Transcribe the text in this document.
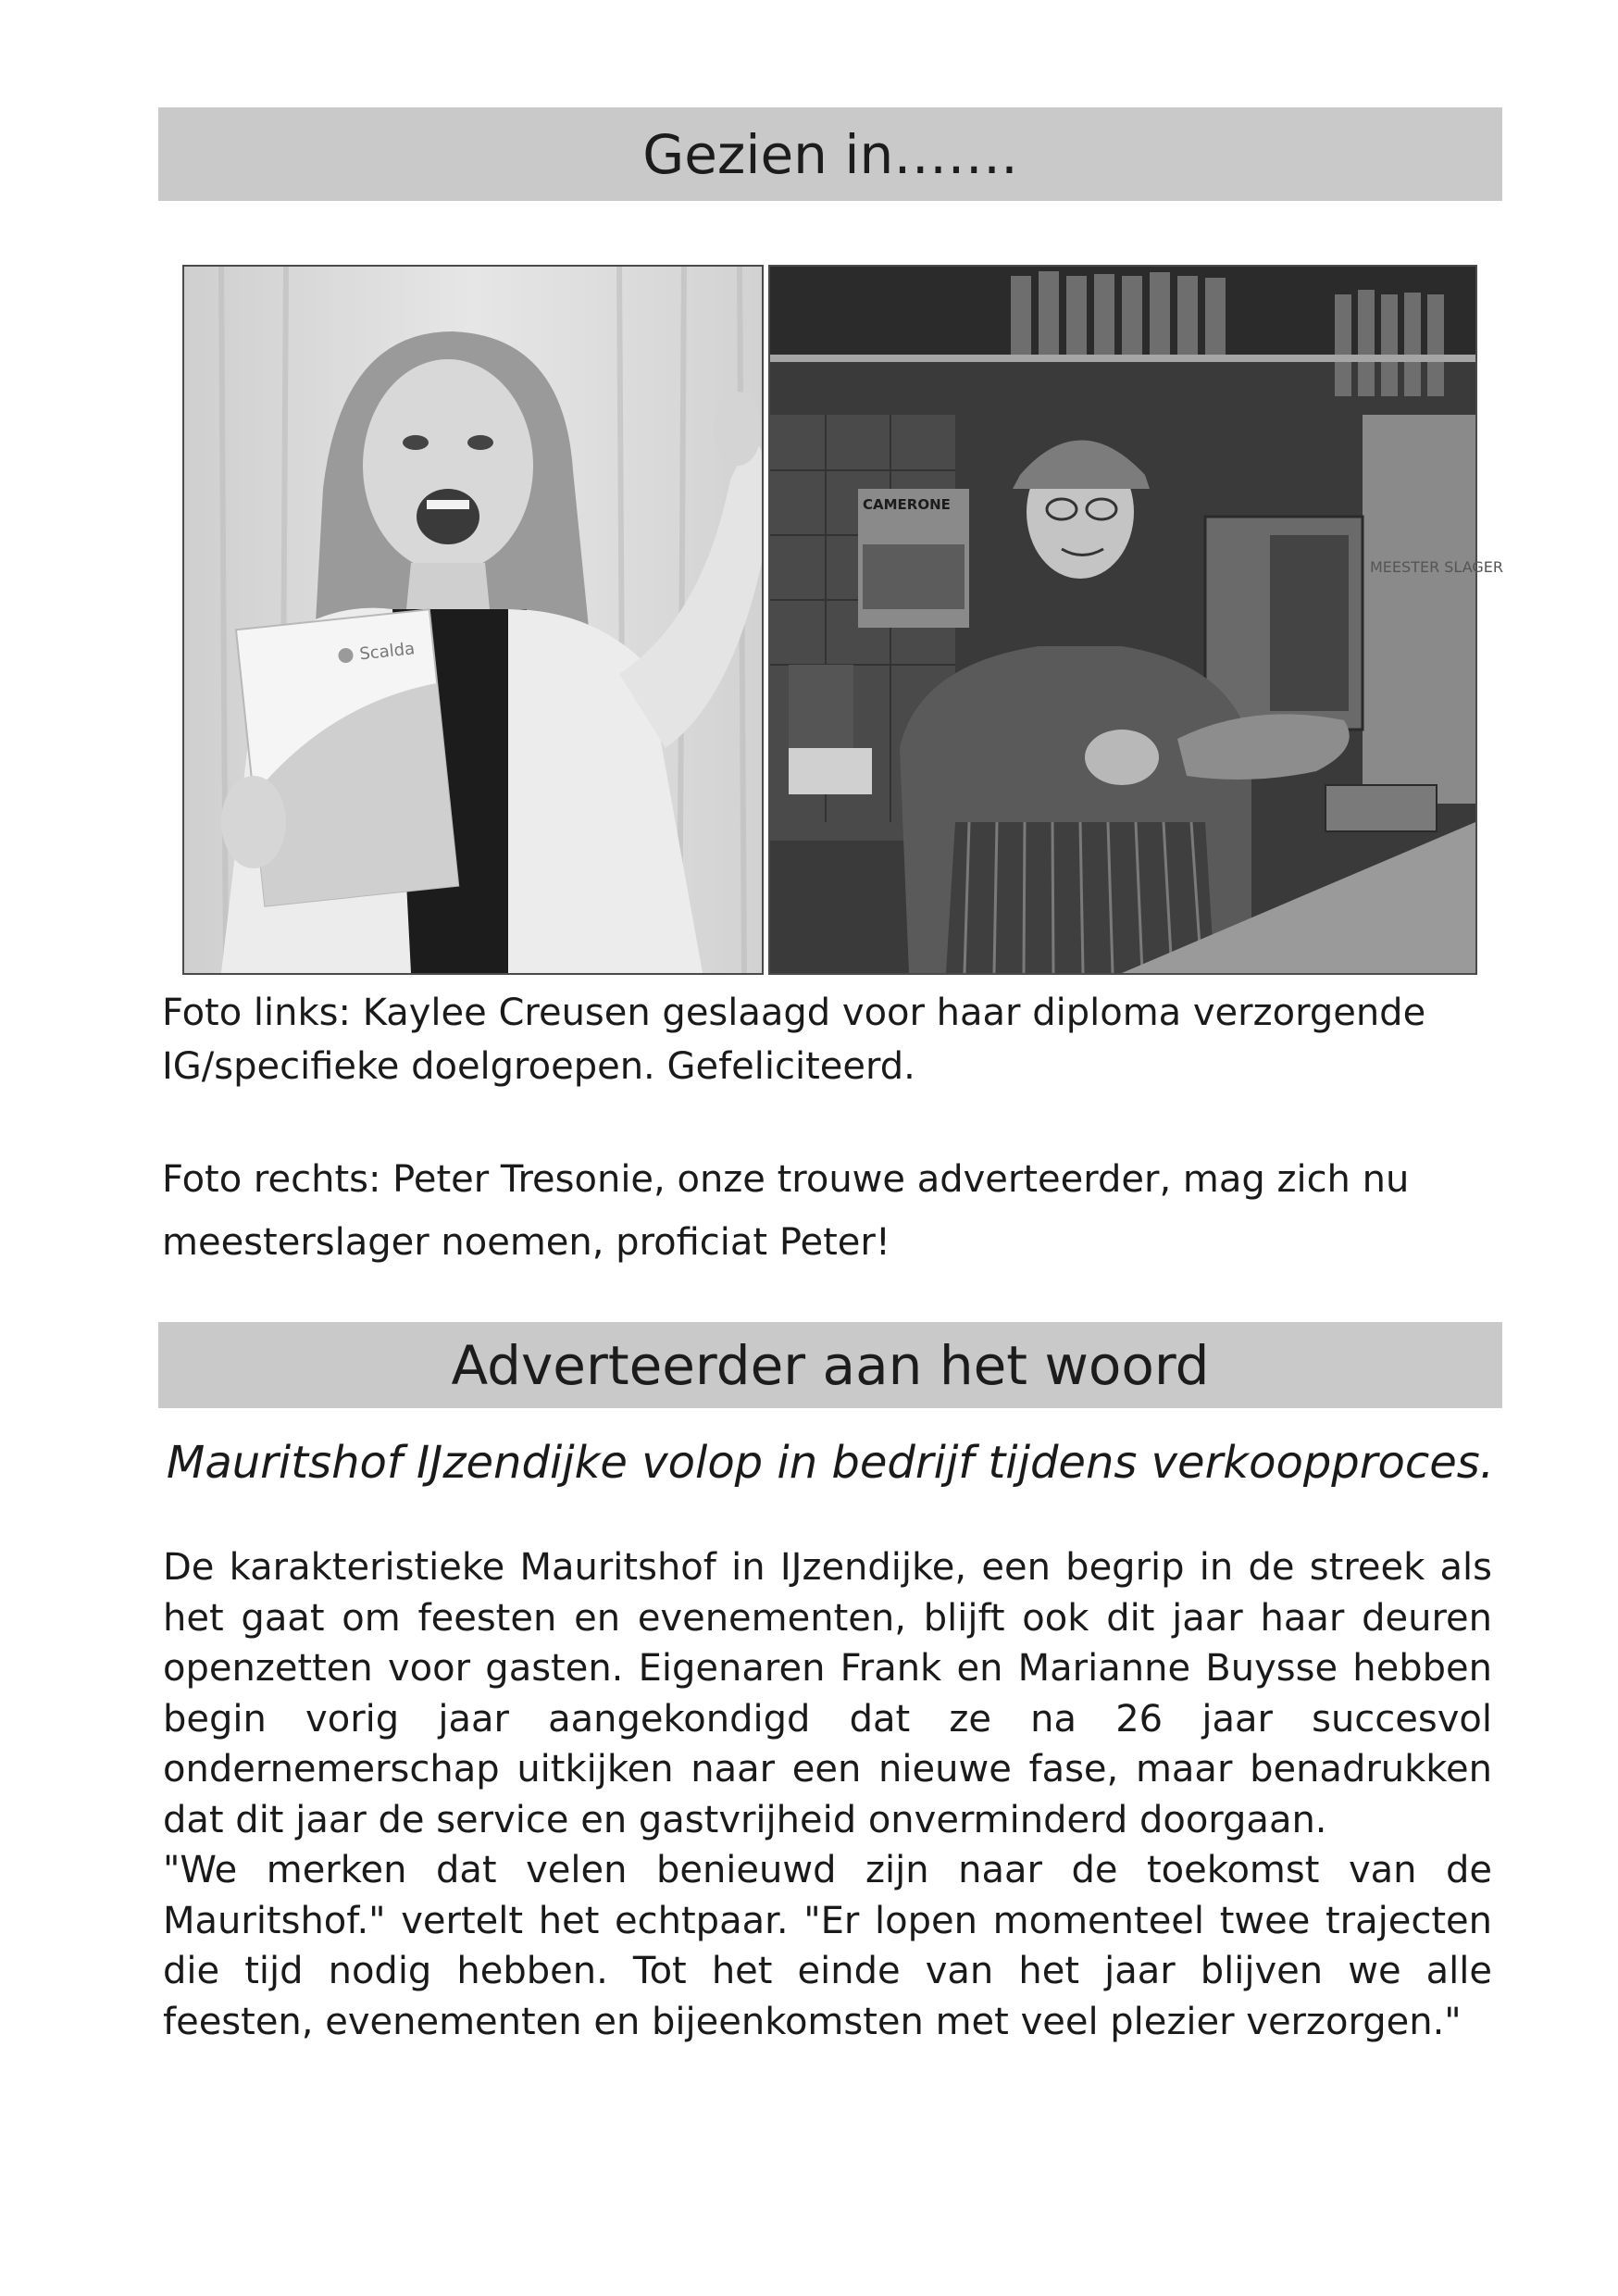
Gezien in…….
Scalda
CAMERONE
MEESTER SLAGER
Foto links: Kaylee Creusen geslaagd voor haar diploma verzorgende IG/specifieke doelgroepen. Gefeliciteerd.
Foto rechts: Peter Tresonie, onze trouwe adverteerder, mag zich nu meesterslager noemen, proficiat Peter!
Adverteerder aan het woord
Mauritshof IJzendijke volop in bedrijf tijdens verkoopproces.
De karakteristieke Mauritshof in IJzendijke, een begrip in de streek als het gaat om feesten en evenementen, blijft ook dit jaar haar deuren openzetten voor gasten. Eigenaren Frank en Marianne Buysse hebben begin vorig jaar aangekondigd dat ze na 26 jaar succesvol ondernemerschap uitkijken naar een nieuwe fase, maar benadrukken dat dit jaar de service en gastvrijheid onverminderd doorgaan.
"We merken dat velen benieuwd zijn naar de toekomst van de Mauritshof." vertelt het echtpaar. "Er lopen momenteel twee trajecten die tijd nodig hebben. Tot het einde van het jaar blijven we alle feesten, evenementen en bijeenkomsten met veel plezier verzorgen."
